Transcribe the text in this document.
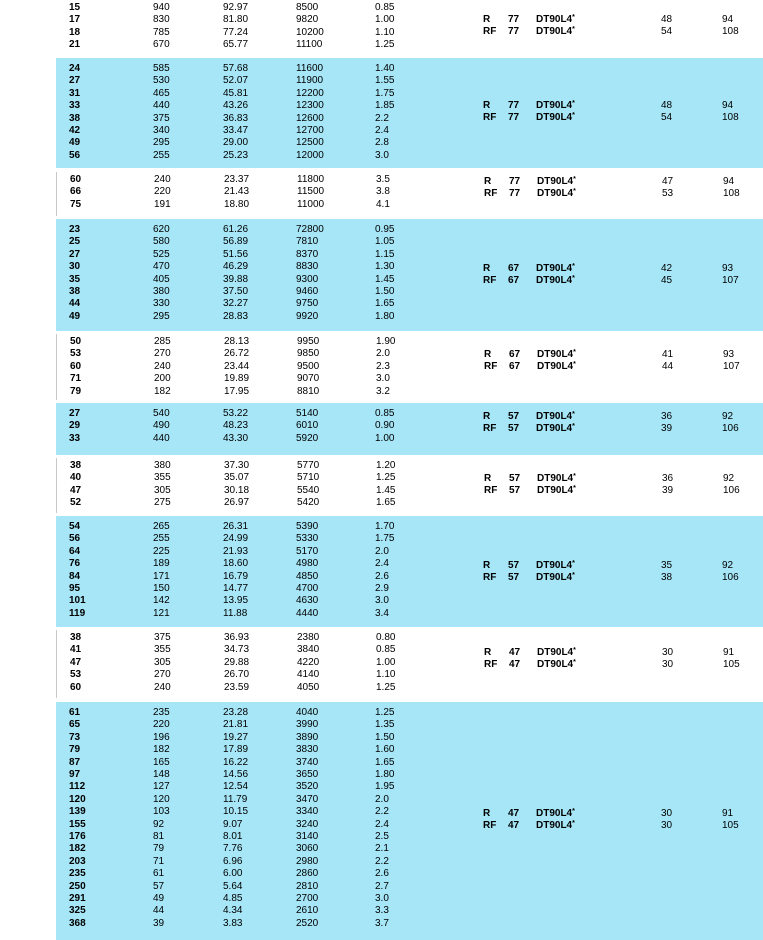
15	940	92.97	8500	0.85
17	830	81.80	9820	1.00
18	785	77.24	10200	1.10
21	670	65.77	11100	1.25
R 77 DT90L4*	48	94
RF 77 DT90L4*	54	108
24	585	57.68	11600	1.40
27	530	52.07	11900	1.55
31	465	45.81	12200	1.75
33	440	43.26	12300	1.85
38	375	36.83	12600	2.2
42	340	33.47	12700	2.4
49	295	29.00	12500	2.8
56	255	25.23	12000	3.0
R 77 DT90L4*	48	94
RF 77 DT90L4*	54	108
60	240	23.37	11800	3.5
66	220	21.43	11500	3.8
75	191	18.80	11000	4.1
R 77 DT90L4*	47	94
RF 77 DT90L4*	53	108
23	620	61.26	72800	0.95
25	580	56.89	7810	1.05
27	525	51.56	8370	1.15
30	470	46.29	8830	1.30
35	405	39.88	9300	1.45
38	380	37.50	9460	1.50
44	330	32.27	9750	1.65
49	295	28.83	9920	1.80
R 67 DT90L4*	42	93
RF 67 DT90L4*	45	107
50	285	28.13	9950	1.90
53	270	26.72	9850	2.0
60	240	23.44	9500	2.3
71	200	19.89	9070	3.0
79	182	17.95	8810	3.2
R 67 DT90L4*	41	93
RF 67 DT90L4*	44	107
27	540	53.22	5140	0.85
29	490	48.23	6010	0.90
33	440	43.30	5920	1.00
R 57 DT90L4*	36	92
RF 57 DT90L4*	39	106
38	380	37.30	5770	1.20
40	355	35.07	5710	1.25
47	305	30.18	5540	1.45
52	275	26.97	5420	1.65
R 57 DT90L4*	36	92
RF 57 DT90L4*	39	106
54	265	26.31	5390	1.70
56	255	24.99	5330	1.75
64	225	21.93	5170	2.0
76	189	18.60	4980	2.4
84	171	16.79	4850	2.6
95	150	14.77	4700	2.9
101	142	13.95	4630	3.0
119	121	11.88	4440	3.4
R 57 DT90L4*	35	92
RF 57 DT90L4*	38	106
38	375	36.93	2380	0.80
41	355	34.73	3840	0.85
47	305	29.88	4220	1.00
53	270	26.70	4140	1.10
60	240	23.59	4050	1.25
R 47 DT90L4*	30	91
RF 47 DT90L4*	30	105
61	235	23.28	4040	1.25
65	220	21.81	3990	1.35
73	196	19.27	3890	1.50
79	182	17.89	3830	1.60
87	165	16.22	3740	1.65
97	148	14.56	3650	1.80
112	127	12.54	3520	1.95
120	120	11.79	3470	2.0
139	103	10.15	3340	2.2
155	92	9.07	3240	2.4
176	81	8.01	3140	2.5
182	79	7.76	3060	2.1
203	71	6.96	2980	2.2
235	61	6.00	2860	2.6
250	57	5.64	2810	2.7
291	49	4.85	2700	3.0
325	44	4.34	2610	3.3
368	39	3.83	2520	3.7
R 47 DT90L4*	30	91
RF 47 DT90L4*	30	105
